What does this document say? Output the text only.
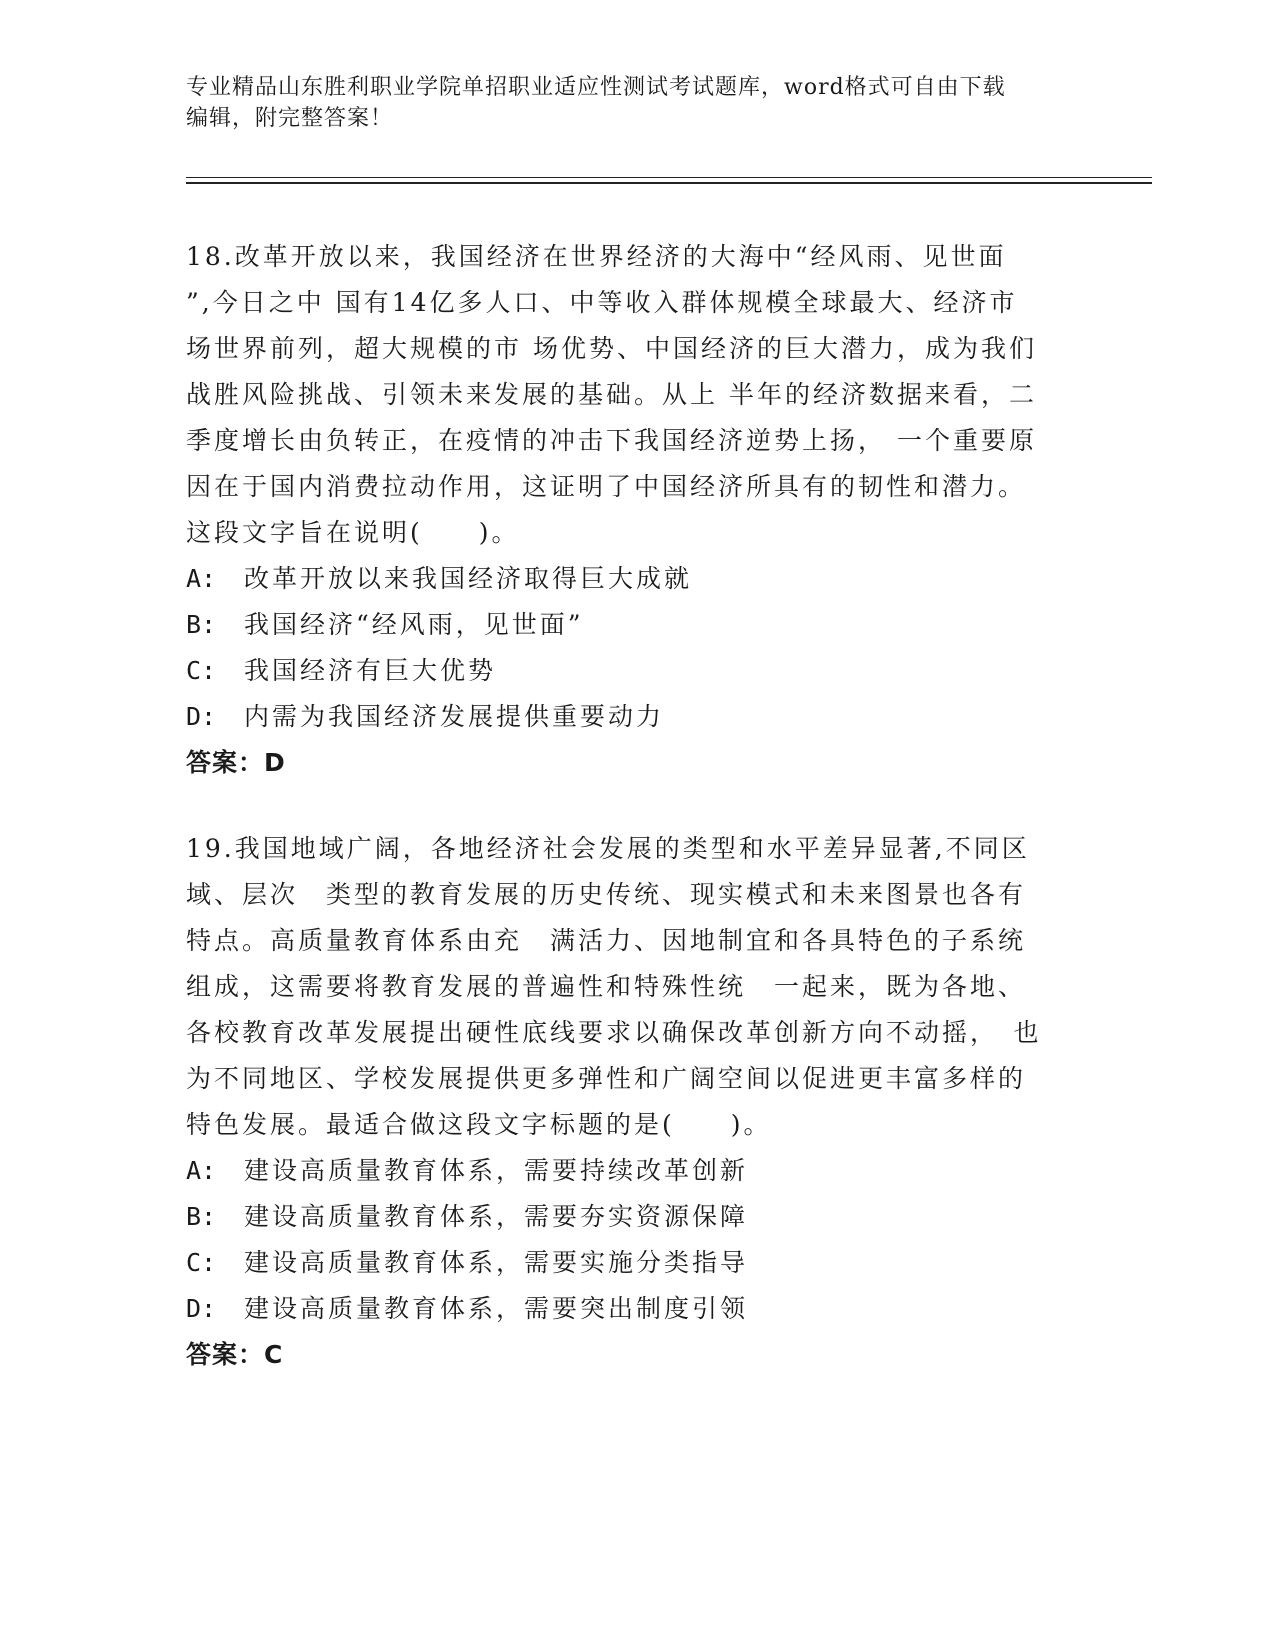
专业精品山东胜利职业学院单招职业适应性测试考试题库，word格式可自由下载
编辑，附完整答案！
18.改革开放以来，我国经济在世界经济的大海中“经风雨、见世面
”,今日之中 国有14亿多人口、中等收入群体规模全球最大、经济市
场世界前列，超大规模的市 场优势、中国经济的巨大潜力，成为我们
战胜风险挑战、引领未来发展的基础。从上 半年的经济数据来看，二
季度增长由负转正，在疫情的冲击下我国经济逆势上扬， 一个重要原
因在于国内消费拉动作用，这证明了中国经济所具有的韧性和潜力。
这段文字旨在说明(　　)。
A: 改革开放以来我国经济取得巨大成就
B: 我国经济“经风雨，见世面”
C: 我国经济有巨大优势
D: 内需为我国经济发展提供重要动力
答案：D
19.我国地域广阔，各地经济社会发展的类型和水平差异显著,不同区
域、层次　类型的教育发展的历史传统、现实模式和未来图景也各有
特点。高质量教育体系由充　满活力、因地制宜和各具特色的子系统
组成，这需要将教育发展的普遍性和特殊性统　一起来，既为各地、
各校教育改革发展提出硬性底线要求以确保改革创新方向不动摇，　也
为不同地区、学校发展提供更多弹性和广阔空间以促进更丰富多样的
特色发展。最适合做这段文字标题的是(　　)。
A: 建设高质量教育体系，需要持续改革创新
B: 建设高质量教育体系，需要夯实资源保障
C: 建设高质量教育体系，需要实施分类指导
D: 建设高质量教育体系，需要突出制度引领
答案：C
